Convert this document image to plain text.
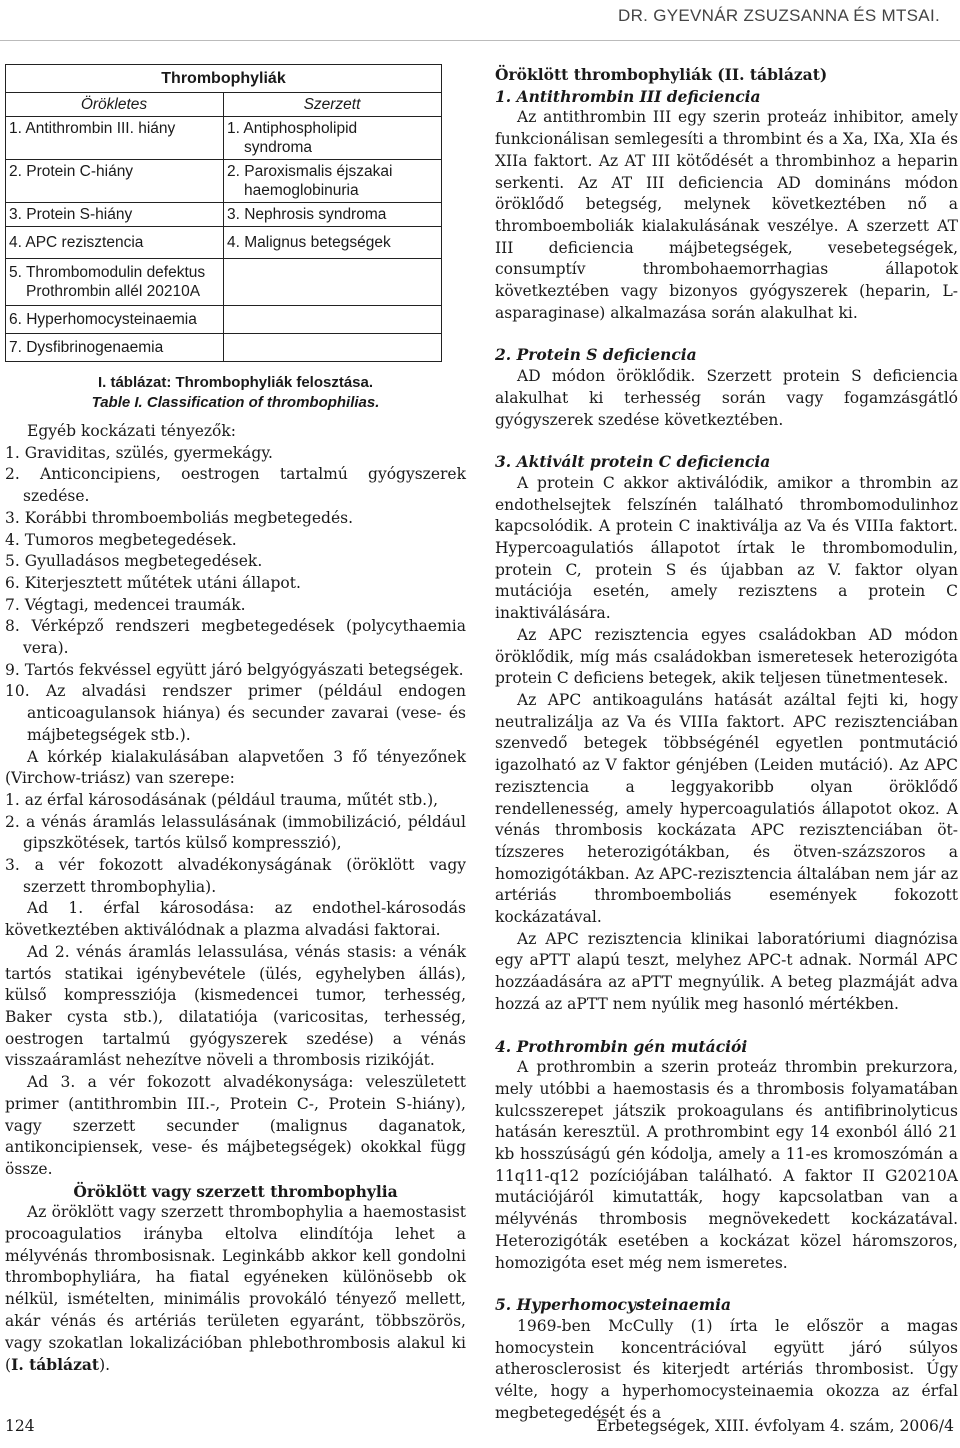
DR. GYEVNÁR ZSUZSANNA ÉS MTSAI.
Thrombophyliák	
Örökletes	Szerzett
1. Antithrombin III. hiány	1. Antiphospholipid
syndroma

2. Protein C-hiány	2. Paroxismalis éjszakai
haemoglobinuria

3. Protein S-hiány	3. Nephrosis syndroma
4. APC rezisztencia	4. Malignus betegségek
5. Thrombomodulin defektus
Prothrombin allél 20210A	

6. Hyperhomocysteinaemia	
7. Dysfibrinogenaemia	
I. táblázat: Thrombophyliák felosztása.
Table I. Classification of thrombophilias.

Egyéb kockázati tényezők:

1. Graviditas, szülés, gyermekágy.

2. Anticoncipiens, oestrogen tartalmú gyógyszerek szedése.

3. Korábbi thromboemboliás megbetegedés.

4. Tumoros megbetegedések.

5. Gyulladásos megbetegedések.

6. Kiterjesztett műtétek utáni állapot.

7. Végtagi, medencei traumák.

8. Vérképző rendszeri megbetegedések (polycythaemia vera).

9. Tartós fekvéssel együtt járó belgyógyászati betegségek.

10. Az alvadási rendszer primer (például endogen anticoagulansok hiánya) és secunder zavarai (vese- és májbetegségek stb.).

A kórkép kialakulásában alapvetően 3 fő tényezőnek (Virchow-triász) van szerepe:

1. az érfal károsodásának (például trauma, műtét stb.),

2. a vénás áramlás lelassulásának (immobilizáció, például gipszkötések, tartós külső kompresszió),

3. a vér fokozott alvadékonyságának (öröklött vagy szerzett thrombophylia).

Ad 1. érfal károsodása: az endothel-károsodás következtében aktiválódnak a plazma alvadási faktorai.

Ad 2. vénás áramlás lelassulása, vénás stasis: a vénák tartós statikai igénybevétele (ülés, egyhelyben állás), külső kompressziója (kismedencei tumor, terhesség, Baker cysta stb.), dilatatiója (varicositas, terhesség, oestrogen tartalmú gyógyszerek szedése) a vénás visszaáramlást nehezítve növeli a thrombosis rizikóját.

Ad 3. a vér fokozott alvadékonysága: veleszületett primer (antithrombin III.-, Protein C-, Protein S-hiány), vagy szerzett secunder (malignus daganatok, antikoncipiensek, vese- és májbetegségek) okokkal függ össze.

Öröklött vagy szerzett thrombophylia

Az öröklött vagy szerzett thrombophylia a haemostasist procoagulatios irányba eltolva elindítója lehet a mélyvénás thrombosisnak. Leginkább akkor kell gondolni thrombophyliára, ha fiatal egyéneken különösebb ok nélkül, ismételten, minimális provokáló tényező mellett, akár vénás és artériás területen egyaránt, többszörös, vagy szokatlan lokalizációban phlebothrombosis alakul ki (I. táblázat).

Öröklött thrombophyliák (II. táblázat)

1. Antithrombin III deficiencia

Az antithrombin III egy szerin proteáz inhibitor, amely funkcionálisan semlegesíti a thrombint és a Xa, IXa, XIa és XIIa faktort. Az AT III kötődését a thrombinhoz a heparin serkenti. Az AT III deficiencia AD domináns módon öröklődő betegség, melynek következtében nő a thromboemboliák kialakulásának veszélye. A szerzett AT III deficiencia májbetegségek, vesebetegségek, consumptív thrombohaemorrhagias állapotok következtében vagy bizonyos gyógyszerek (heparin, L-asparaginase) alkalmazása során alakulhat ki.

2. Protein S deficiencia

AD módon öröklődik. Szerzett protein S deficiencia alakulhat ki terhesség során vagy fogamzásgátló gyógyszerek szedése következtében.

3. Aktivált protein C deficiencia

A protein C akkor aktiválódik, amikor a thrombin az endothelsejtek felszínén található thrombomodulinhoz kapcsolódik. A protein C inaktiválja az Va és VIIIa faktort. Hypercoagulatiós állapotot írtak le thrombomodulin, protein C, protein S és újabban az V. faktor olyan mutációja esetén, amely rezisztens a protein C inaktiválására.

Az APC rezisztencia egyes családokban AD módon öröklődik, míg más családokban ismeretesek heterozigóta protein C deficiens betegek, akik teljesen tünetmentesek.

Az APC antikoaguláns hatását azáltal fejti ki, hogy neutralizálja az Va és VIIIa faktort. APC rezisztenciában szenvedő betegek többségénél egyetlen pontmutáció igazolható az V faktor génjében (Leiden mutáció). Az APC rezisztencia a leggyakoribb olyan öröklődő rendellenesség, amely hypercoagulatiós állapotot okoz. A vénás thrombosis kockázata APC rezisztenciában öt-tízszeres heterozigótákban, és ötven-százszoros a homozigótákban. Az APC-rezisztencia általában nem jár az artériás thromboemboliás események fokozott kockázatával.

Az APC rezisztencia klinikai laboratóriumi diagnózisa egy aPTT alapú teszt, melyhez APC-t adnak. Normál APC hozzáadására az aPTT megnyúlik. A beteg plazmáját adva hozzá az aPTT nem nyúlik meg hasonló mértékben.

4. Prothrombin gén mutációi

A prothrombin a szerin proteáz thrombin prekurzora, mely utóbbi a haemostasis és a thrombosis folyamatában kulcsszerepet játszik prokoagulans és antifibrinolyticus hatásán keresztül. A prothrombint egy 14 exonból álló 21 kb hosszúságú gén kódolja, amely a 11-es kromoszómán a 11q11-q12 pozíciójában található. A faktor II G20210A mutációjáról kimutatták, hogy kapcsolatban van a mélyvénás thrombosis megnövekedett kockázatával. Heterozigóták esetében a kockázat közel háromszoros, homozigóta eset még nem ismeretes.

5. Hyperhomocysteinaemia

1969-ben McCully (1) írta le először a magas homocystein koncentrációval együtt járó súlyos atherosclerosist és kiterjedt artériás thrombosist. Úgy vélte, hogy a hyperhomocysteinaemia okozza az érfal megbetegedését és a

124	Érbetegségek, XIII. évfolyam 4. szám, 2006/4
